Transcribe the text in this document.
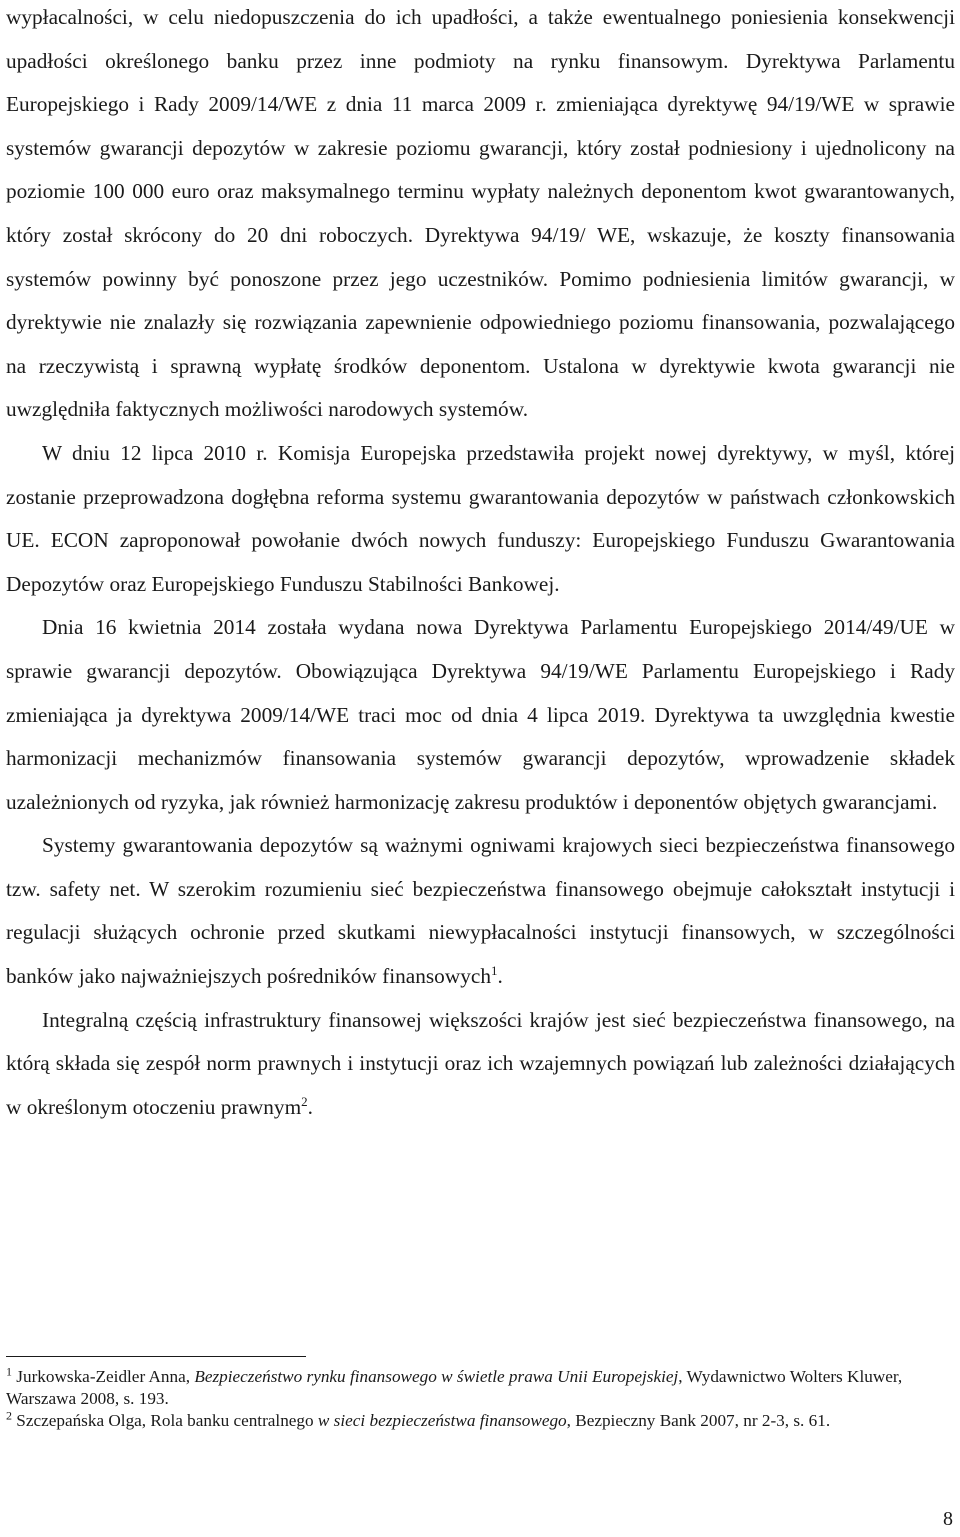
wypłacalności, w celu niedopuszczenia do ich upadłości, a także ewentualnego poniesienia konsekwencji upadłości określonego banku przez inne podmioty na rynku finansowym. Dyrektywa Parlamentu Europejskiego i Rady 2009/14/WE z dnia 11 marca 2009 r. zmieniająca dyrektywę 94/19/WE w sprawie systemów gwarancji depozytów w zakresie poziomu gwarancji, który został podniesiony i ujednolicony na poziomie 100 000 euro oraz maksymalnego terminu wypłaty należnych deponentom kwot gwarantowanych, który został skrócony do 20 dni roboczych. Dyrektywa 94/19/ WE, wskazuje, że koszty finansowania systemów powinny być ponoszone przez jego uczestników. Pomimo podniesienia limitów gwarancji, w dyrektywie nie znalazły się rozwiązania zapewnienie odpowiedniego poziomu finansowania, pozwalającego na rzeczywistą i sprawną wypłatę środków deponentom. Ustalona w dyrektywie kwota gwarancji nie uwzględniła faktycznych możliwości narodowych systemów.

W dniu 12 lipca 2010 r. Komisja Europejska przedstawiła projekt nowej dyrektywy, w myśl, której zostanie przeprowadzona dogłębna reforma systemu gwarantowania depozytów w państwach członkowskich UE. ECON zaproponował powołanie dwóch nowych funduszy: Europejskiego Funduszu Gwarantowania Depozytów oraz Europejskiego Funduszu Stabilności Bankowej.

Dnia 16 kwietnia 2014 została wydana nowa Dyrektywa Parlamentu Europejskiego 2014/49/UE w sprawie gwarancji depozytów. Obowiązująca Dyrektywa 94/19/WE Parlamentu Europejskiego i Rady zmieniająca ja dyrektywa 2009/14/WE traci moc od dnia 4 lipca 2019. Dyrektywa ta uwzględnia kwestie harmonizacji mechanizmów finansowania systemów gwarancji depozytów, wprowadzenie składek uzależnionych od ryzyka, jak również harmonizację zakresu produktów i deponentów objętych gwarancjami.

Systemy gwarantowania depozytów są ważnymi ogniwami krajowych sieci bezpieczeństwa finansowego tzw. safety net. W szerokim rozumieniu sieć bezpieczeństwa finansowego obejmuje całokształt instytucji i regulacji służących ochronie przed skutkami niewypłacalności instytucji finansowych, w szczególności banków jako najważniejszych pośredników finansowych$^1$.

Integralną częścią infrastruktury finansowej większości krajów jest sieć bezpieczeństwa finansowego, na którą składa się zespół norm prawnych i instytucji oraz ich wzajemnych powiązań lub zależności działających w określonym otoczeniu prawnym$^2$.

$^1$ Jurkowska-Zeidler Anna, Bezpieczeństwo rynku finansowego w świetle prawa Unii Europejskiej, Wydawnictwo Wolters Kluwer, Warszawa 2008, s. 193.

$^2$ Szczepańska Olga, Rola banku centralnego w sieci bezpieczeństwa finansowego, Bezpieczny Bank 2007, nr 2-3, s. 61.

8
